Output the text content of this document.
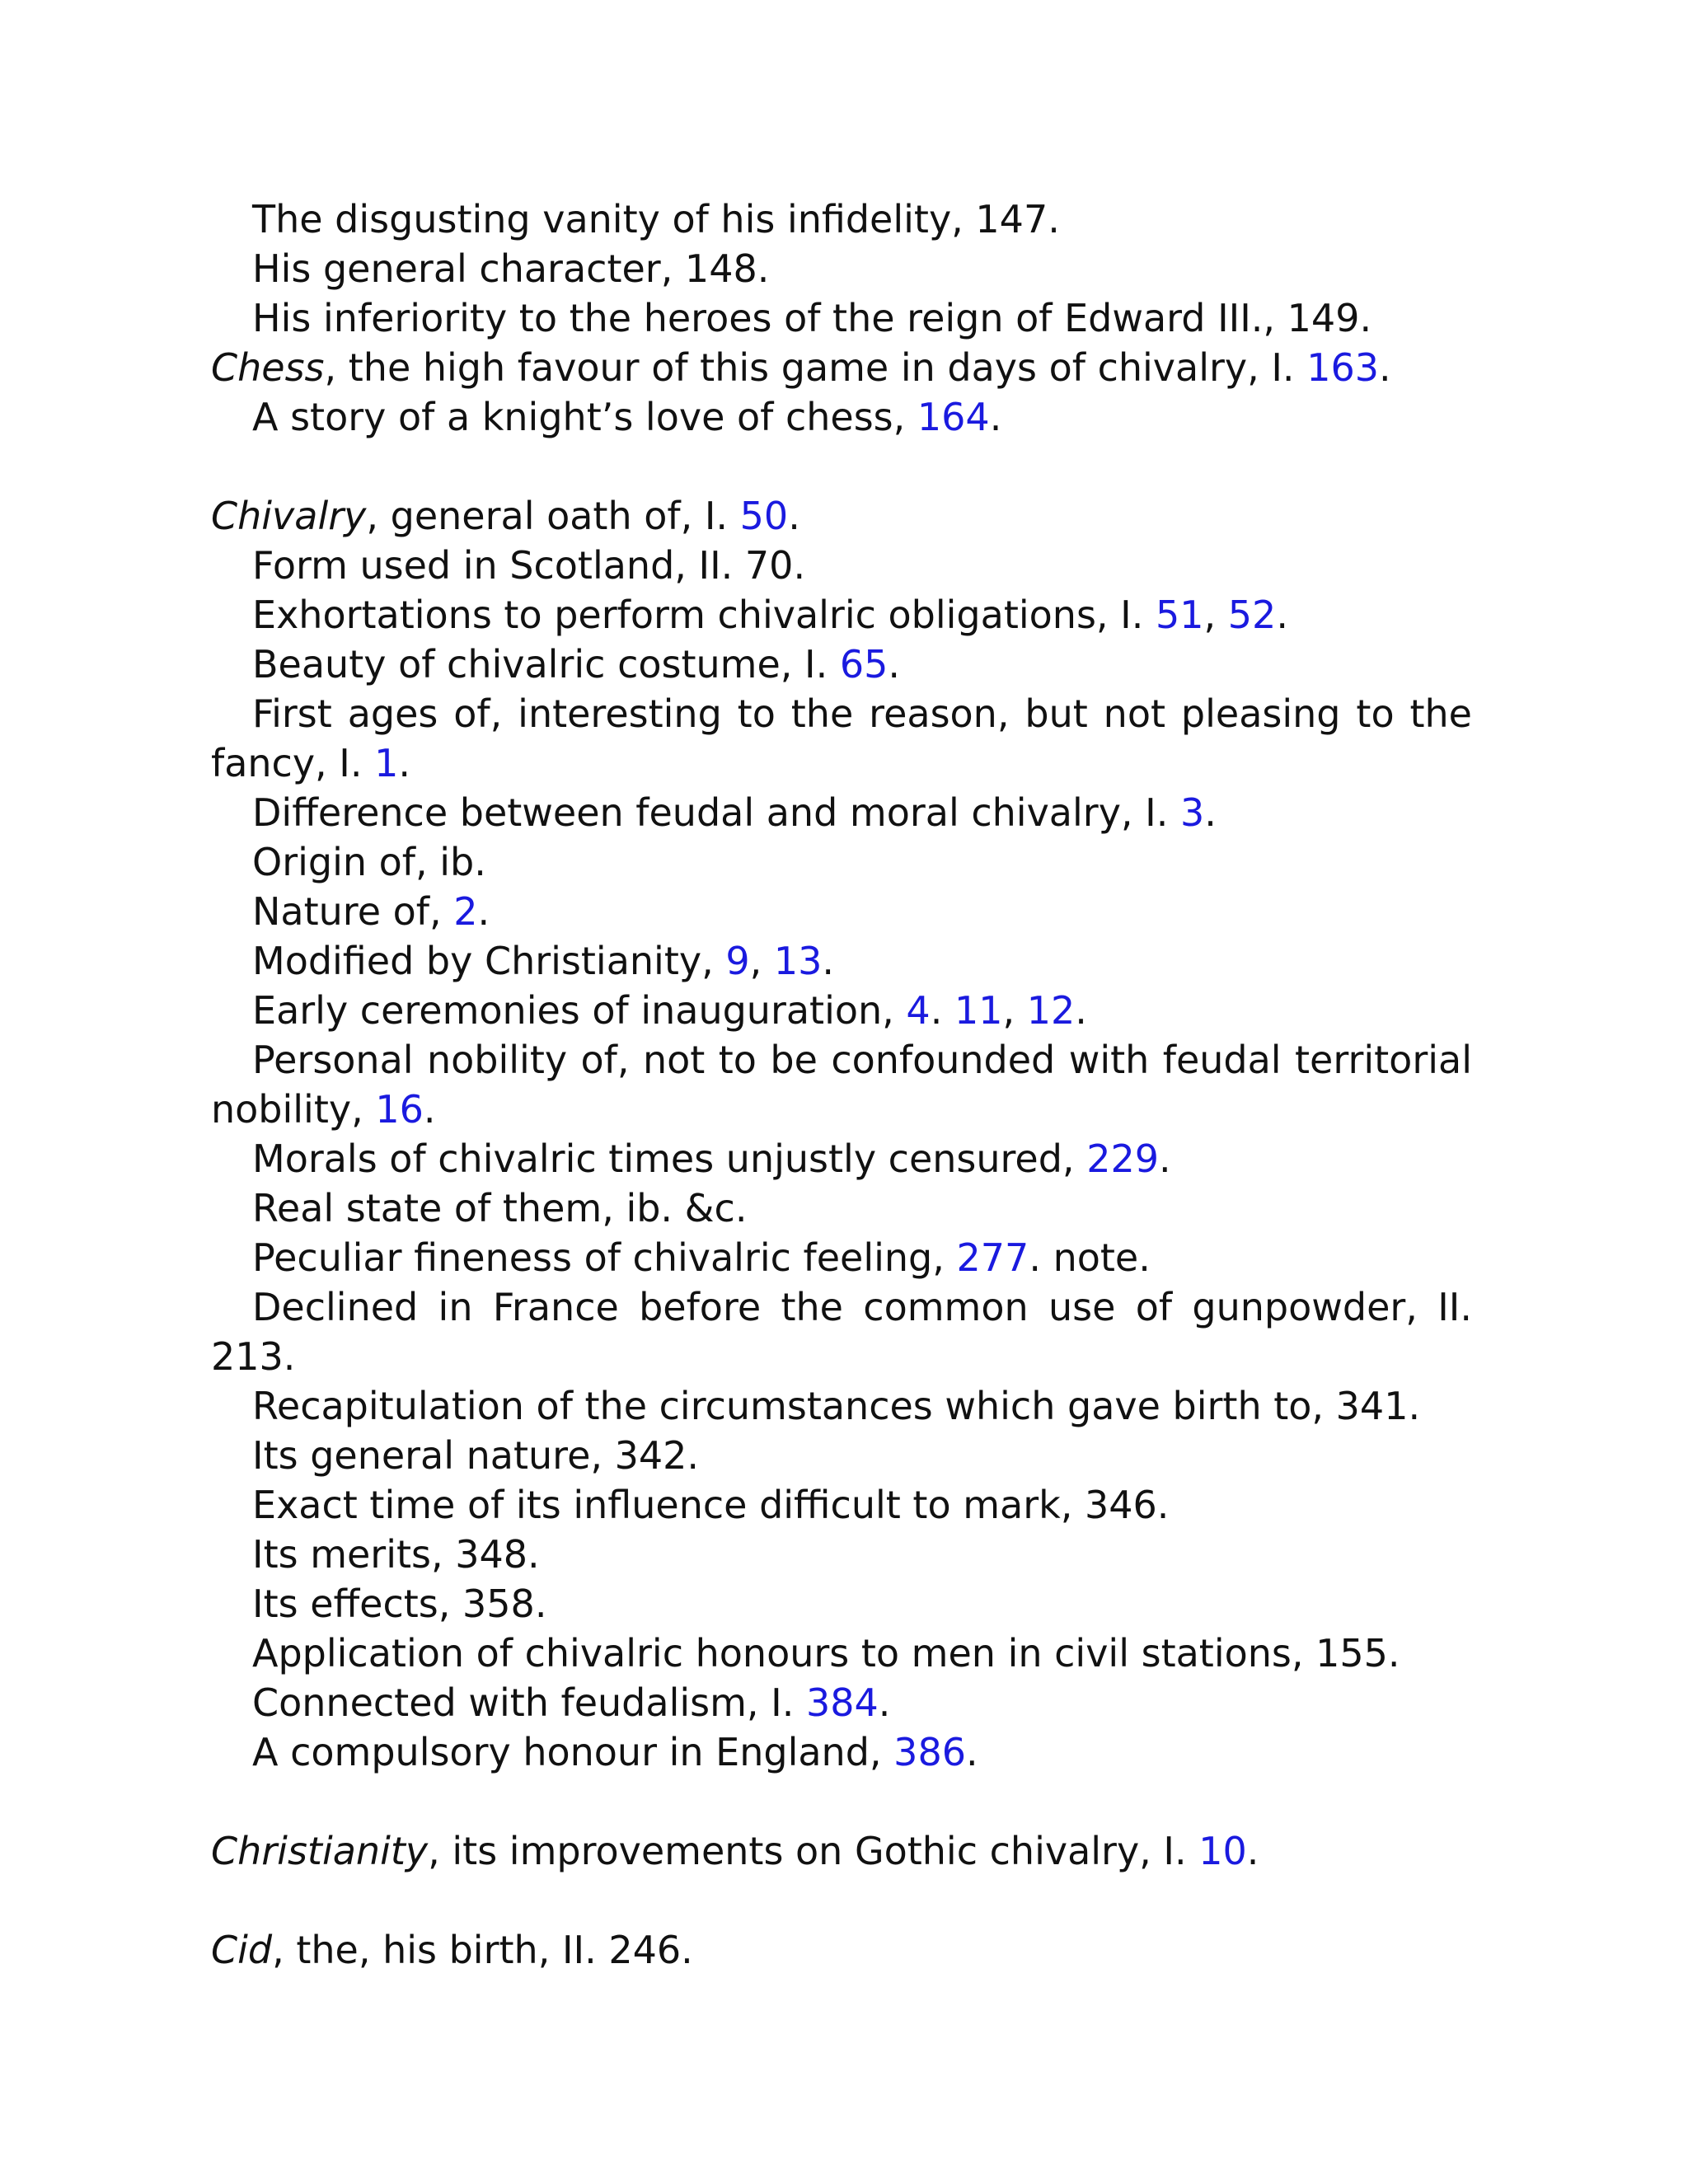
The disgusting vanity of his infidelity, 147.

His general character, 148.

His inferiority to the heroes of the reign of Edward III., 149.

Chess, the high favour of this game in days of chivalry, I. 163.

A story of a knight’s love of chess, 164.

Chivalry, general oath of, I. 50.

Form used in Scotland, II. 70.

Exhortations to perform chivalric obligations, I. 51, 52.

Beauty of chivalric costume, I. 65.

First ages of, interesting to the reason, but not pleasing to the fancy, I. 1.

Difference between feudal and moral chivalry, I. 3.

Origin of, ib.

Nature of, 2.

Modified by Christianity, 9, 13.

Early ceremonies of inauguration, 4. 11, 12.

Personal nobility of, not to be confounded with feudal territorial nobility, 16.

Morals of chivalric times unjustly censured, 229.

Real state of them, ib. &c.

Peculiar fineness of chivalric feeling, 277. note.

Declined in France before the common use of gunpowder, II. 213.

Recapitulation of the circumstances which gave birth to, 341.

Its general nature, 342.

Exact time of its influence difficult to mark, 346.

Its merits, 348.

Its effects, 358.

Application of chivalric honours to men in civil stations, 155.

Connected with feudalism, I. 384.

A compulsory honour in England, 386.

Christianity, its improvements on Gothic chivalry, I. 10.

Cid, the, his birth, II. 246.
